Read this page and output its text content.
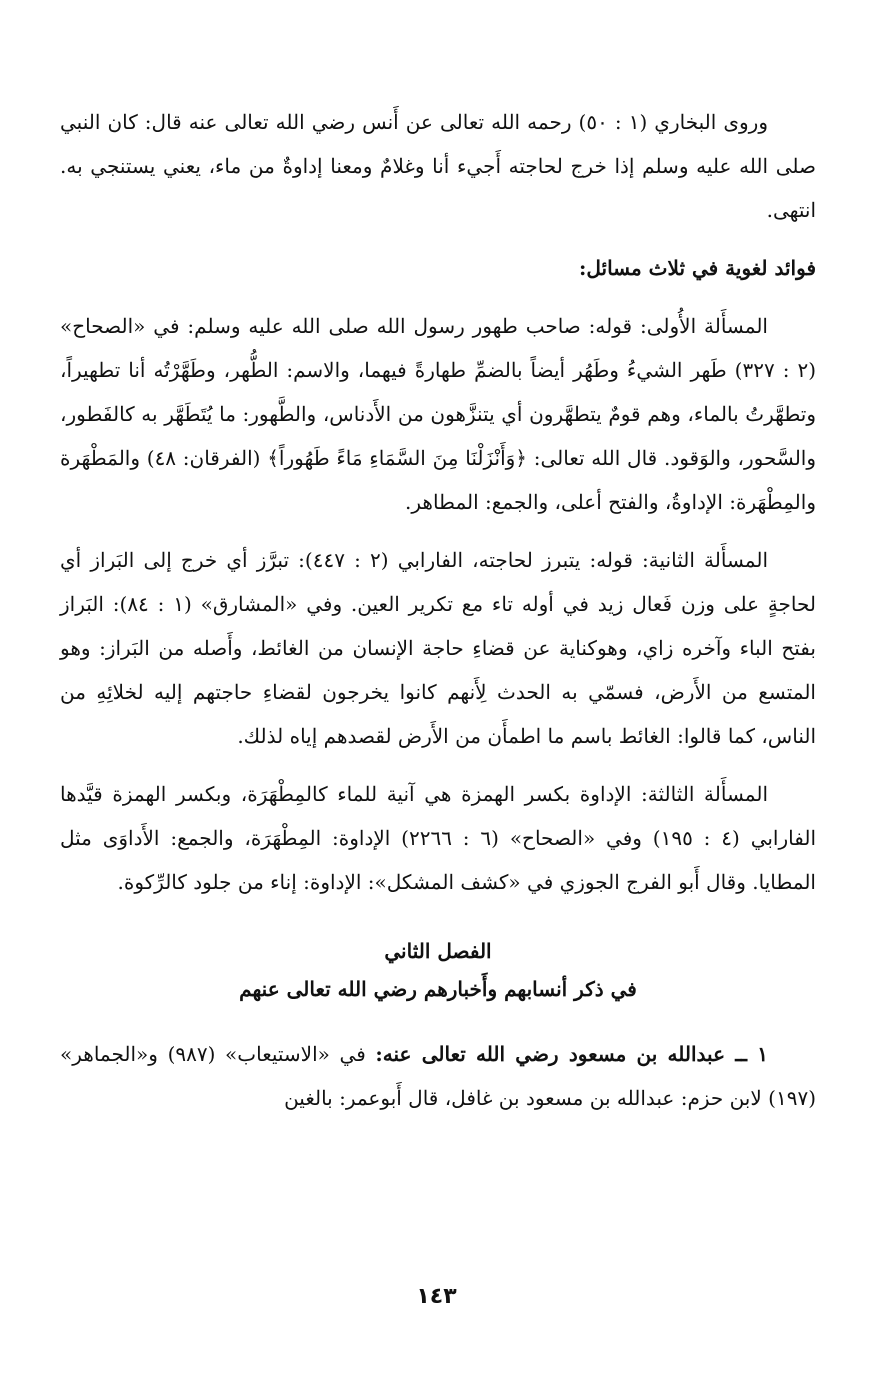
وروى البخاري (١ : ٥٠) رحمه الله تعالى عن أَنس رضي الله تعالى عنه قال: كان النبي صلى الله عليه وسلم إذا خرج لحاجته أَجيء أنا وغلامٌ ومعنا إداوةٌ من ماء، يعني يستنجي به. انتهى.

فوائد لغوية في ثلاث مسائل:

المسأَلة الأُولى: قوله: صاحب طهور رسول الله صلى الله عليه وسلم: في «الصحاح» (٢ : ٣٢٧) طَهر الشيءُ وطَهُر أيضاً بالضمِّ طهارةً فيهما، والاسم: الطُّهر، وطَهَّرْتُه أنا تطهيراً، وتطهَّرتُ بالماء، وهم قومٌ يتطهَّرون أي يتنزَّهون من الأَدناس، والطَّهور: ما يُتَطَهَّر به كالفَطور، والسَّحور، والوَقود. قال الله تعالى: ﴿وَأَنْزَلْنَا مِنَ السَّمَاءِ مَاءً طَهُوراً﴾ (الفرقان: ٤٨) والمَطْهَرة والمِطْهَرة: الإداوةُ، والفتح أعلى، والجمع: المطاهر.

المسأَلة الثانية: قوله: يتبرز لحاجته، الفارابي (٢ : ٤٤٧): تبرَّز أي خرج إلى البَراز أي لحاجةٍ على وزن فَعال زيد في أوله تاء مع تكرير العين. وفي «المشارق» (١ : ٨٤): البَراز بفتح الباء وآخره زاي، وهوكناية عن قضاءِ حاجة الإنسان من الغائط، وأَصله من البَراز: وهو المتسع من الأَرض، فسمّي به الحدث لِأَنهم كانوا يخرجون لقضاءِ حاجتهم إليه لخلائِهِ من الناس، كما قالوا: الغائط باسم ما اطمأَن من الأَرض لقصدهم إياه لذلك.

المسأَلة الثالثة: الإداوة بكسر الهمزة هي آنية للماء كالمِطْهَرَة، وبكسر الهمزة قيَّدها الفارابي (٤ : ١٩٥) وفي «الصحاح» (٦ : ٢٢٦٦) الإداوة: المِطْهَرَة، والجمع: الأَداوَى مثل المطايا. وقال أَبو الفرج الجوزي في «كشف المشكل»: الإداوة: إناء من جلود كالرِّكوة.

الفصل الثاني
في ذكر أنسابهم وأَخبارهم رضي الله تعالى عنهم

١ ــ عبدالله بن مسعود رضي الله تعالى عنه: في «الاستيعاب» (٩٨٧) و«الجماهر» (١٩٧) لابن حزم: عبدالله بن مسعود بن غافل، قال أَبوعمر: بالغين

١٤٣
